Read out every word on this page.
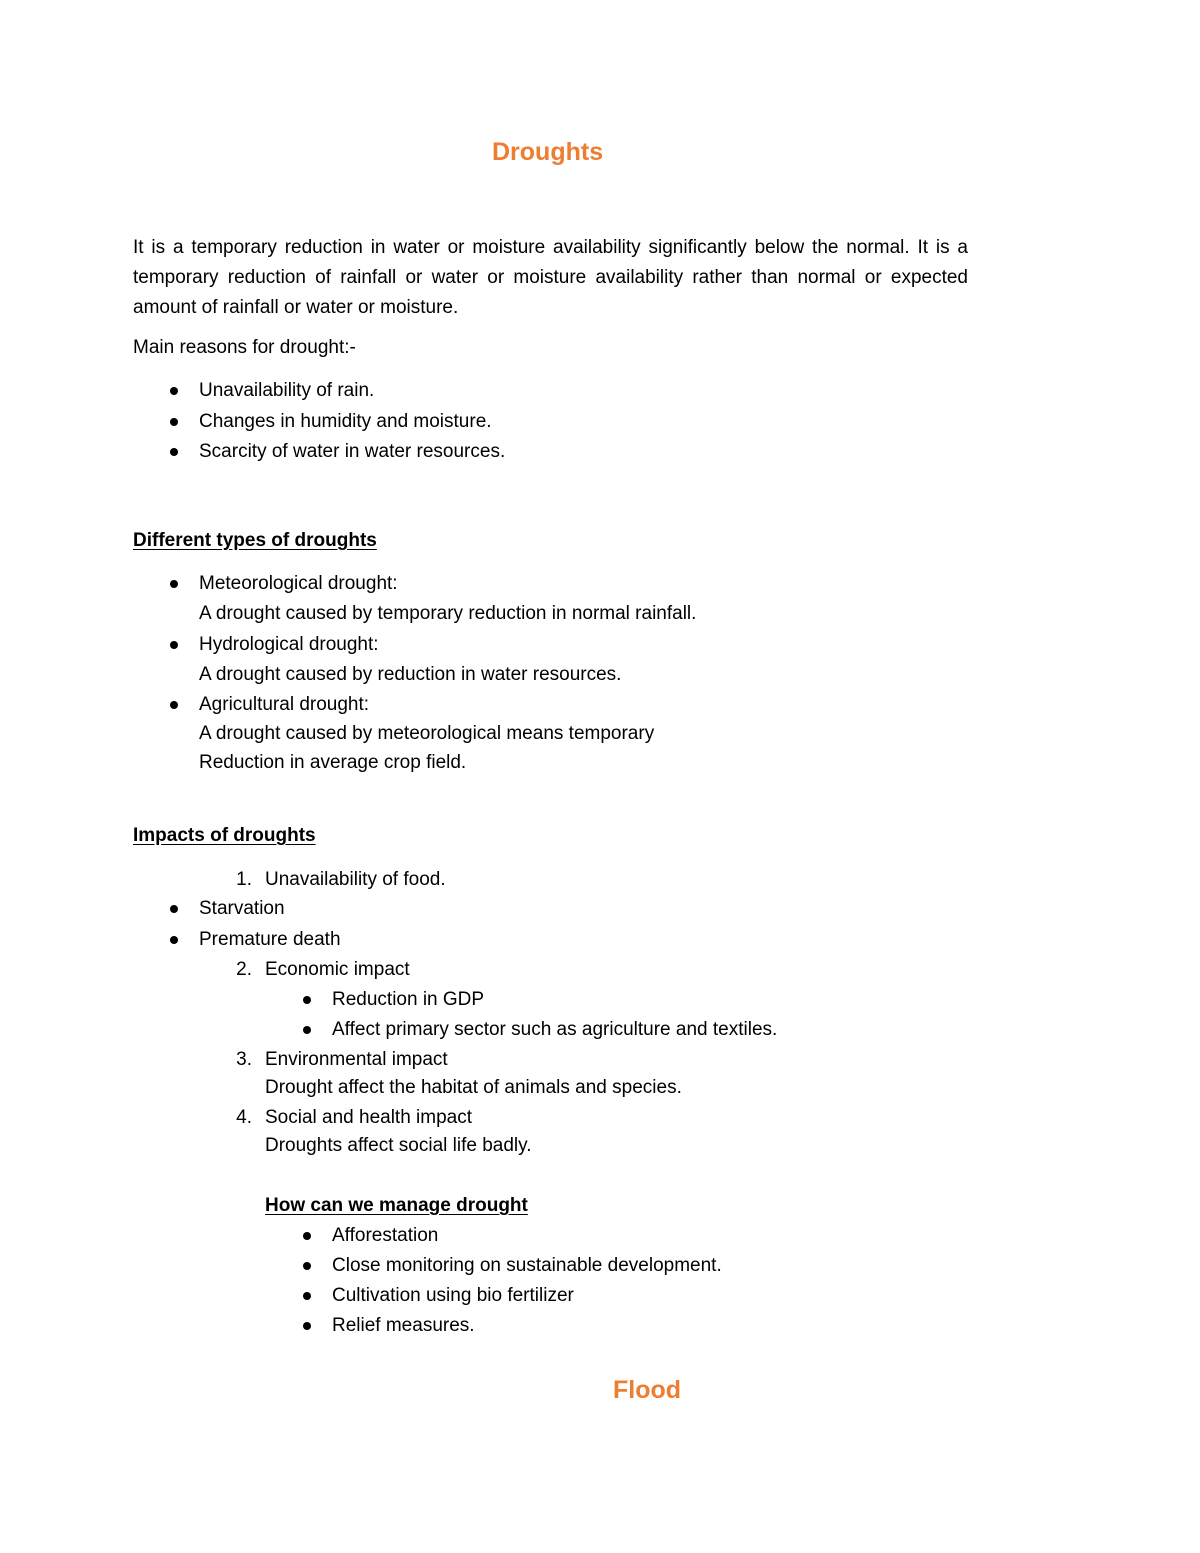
Droughts
It is a temporary reduction in water or moisture availability significantly below the normal. It is a temporary reduction of rainfall or water or moisture availability rather than normal or expected amount of rainfall or water or moisture.
Main reasons for drought:-
Unavailability of rain.
Changes in humidity and moisture.
Scarcity of water in water resources.
Different types of droughts
Meteorological drought:
A drought caused by temporary reduction in normal rainfall.
Hydrological drought:
A drought caused by reduction in water resources.
Agricultural drought:
A drought caused by meteorological means temporary
Reduction in average crop field.
Impacts of droughts
1. Unavailability of food.
Starvation
Premature death
2. Economic impact
Reduction in GDP
Affect primary sector such as agriculture and textiles.
3. Environmental impact
Drought affect the habitat of animals and species.
4. Social and health impact
Droughts affect social life badly.
How can we manage drought
Afforestation
Close monitoring on sustainable development.
Cultivation using bio fertilizer
Relief measures.
Flood
